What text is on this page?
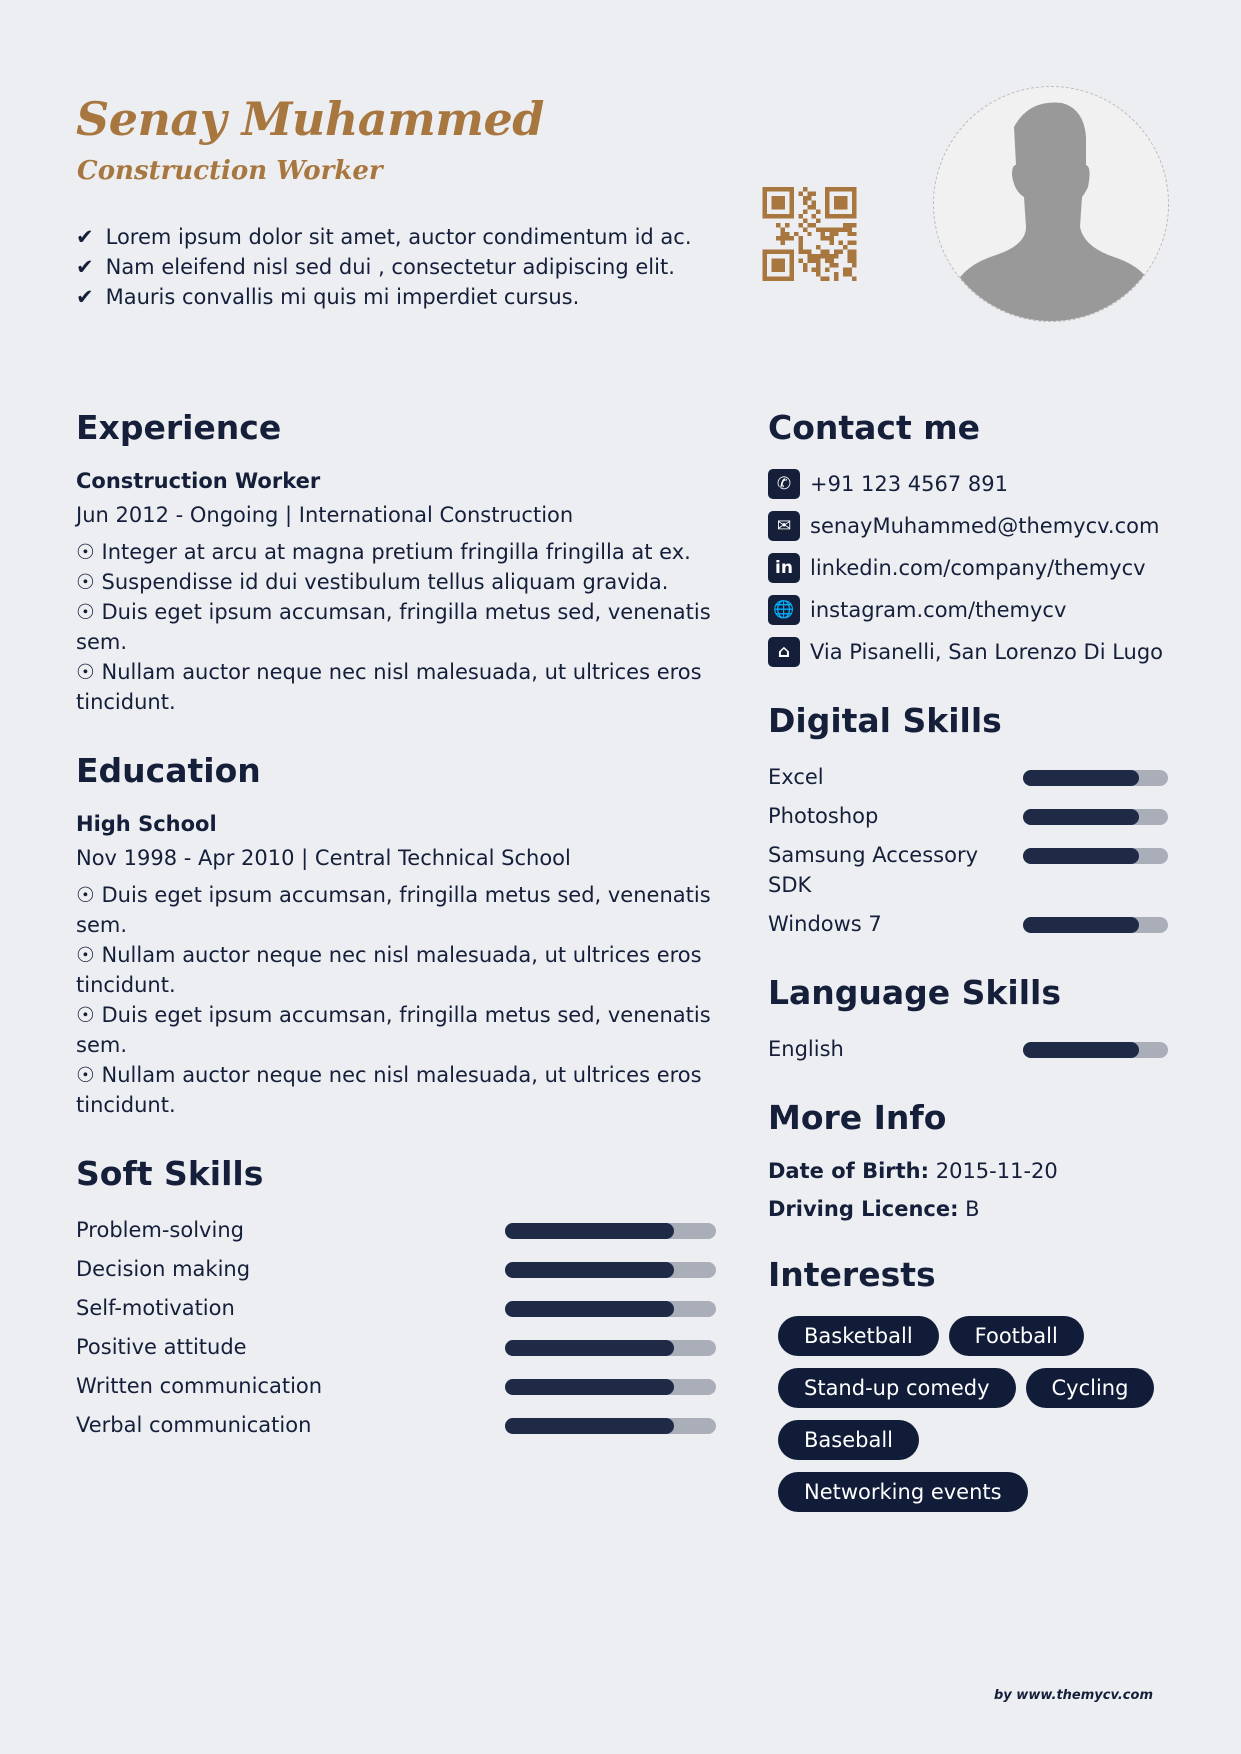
Senay Muhammed
Construction Worker
✔ Lorem ipsum dolor sit amet, auctor condimentum id ac.
✔ Nam eleifend nisl sed dui , consectetur adipiscing elit.
✔ Mauris convallis mi quis mi imperdiet cursus.
Experience
Construction Worker
Jun 2012 - Ongoing | International Construction
☉ Integer at arcu at magna pretium fringilla fringilla at ex.
☉ Suspendisse id dui vestibulum tellus aliquam gravida.
☉ Duis eget ipsum accumsan, fringilla metus sed, venenatis sem.
☉ Nullam auctor neque nec nisl malesuada, ut ultrices eros tincidunt.
Education
High School
Nov 1998 - Apr 2010 | Central Technical School
☉ Duis eget ipsum accumsan, fringilla metus sed, venenatis sem.
☉ Nullam auctor neque nec nisl malesuada, ut ultrices eros tincidunt.
☉ Duis eget ipsum accumsan, fringilla metus sed, venenatis sem.
☉ Nullam auctor neque nec nisl malesuada, ut ultrices eros tincidunt.
Soft Skills
Problem-solving
Decision making
Self-motivation
Positive attitude
Written communication
Verbal communication
Contact me
✆ +91 123 4567 891
✉ senayMuhammed@themycv.com
in linkedin.com/company/themycv
🌐 instagram.com/themycv
⌂ Via Pisanelli, San Lorenzo Di Lugo
Digital Skills
Excel
Photoshop
Samsung Accessory SDK
Windows 7
Language Skills
English
More Info
Date of Birth: 2015-11-20
Driving Licence: B
Interests
Basketball	Football
Stand-up comedy	Cycling
Baseball
Networking events
by www.themycv.com
